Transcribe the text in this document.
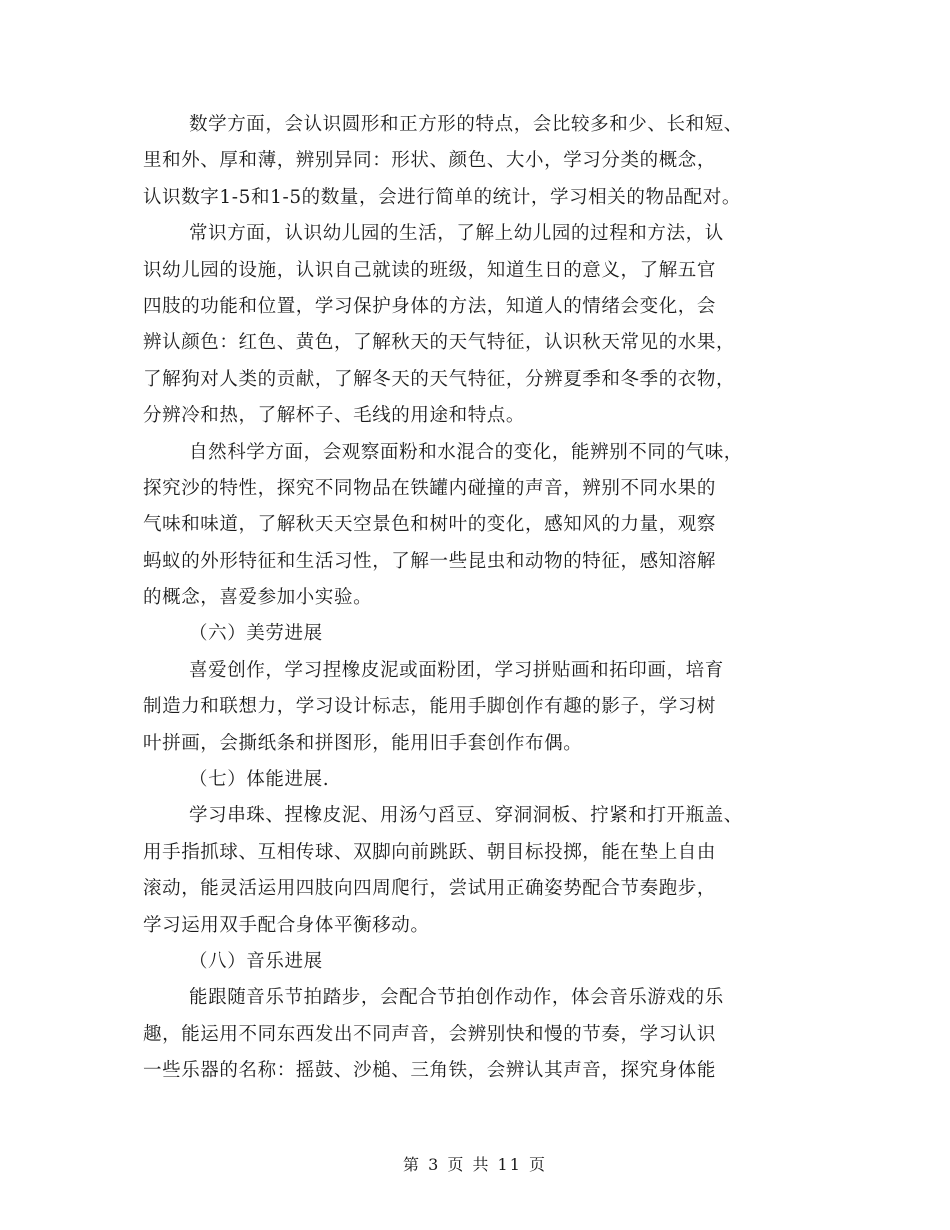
数学方面，会认识圆形和正方形的特点，会比较多和少、长和短、
里和外、厚和薄，辨别异同：形状、颜色、大小，学习分类的概念，
认识数字1-5和1-5的数量，会进行简单的统计，学习相关的物品配对。
常识方面，认识幼儿园的生活，了解上幼儿园的过程和方法，认
识幼儿园的设施，认识自己就读的班级，知道生日的意义，了解五官
四肢的功能和位置，学习保护身体的方法，知道人的情绪会变化，会
辨认颜色：红色、黄色，了解秋天的天气特征，认识秋天常见的水果，
了解狗对人类的贡献，了解冬天的天气特征，分辨夏季和冬季的衣物，
分辨冷和热，了解杯子、毛线的用途和特点。
自然科学方面，会观察面粉和水混合的变化，能辨别不同的气味，
探究沙的特性，探究不同物品在铁罐内碰撞的声音，辨别不同水果的
气味和味道，了解秋天天空景色和树叶的变化，感知风的力量，观察
蚂蚁的外形特征和生活习性，了解一些昆虫和动物的特征，感知溶解
的概念，喜爱参加小实验。
（六）美劳进展
喜爱创作，学习捏橡皮泥或面粉团，学习拼贴画和拓印画，培育
制造力和联想力，学习设计标志，能用手脚创作有趣的影子，学习树
叶拼画，会撕纸条和拼图形，能用旧手套创作布偶。
（七）体能进展.
学习串珠、捏橡皮泥、用汤勺舀豆、穿洞洞板、拧紧和打开瓶盖、
用手指抓球、互相传球、双脚向前跳跃、朝目标投掷，能在垫上自由
滚动，能灵活运用四肢向四周爬行，尝试用正确姿势配合节奏跑步，
学习运用双手配合身体平衡移动。
（八）音乐进展
能跟随音乐节拍踏步，会配合节拍创作动作，体会音乐游戏的乐
趣，能运用不同东西发出不同声音，会辨别快和慢的节奏，学习认识
一些乐器的名称：摇鼓、沙槌、三角铁，会辨认其声音，探究身体能
第 3 页 共 11 页
